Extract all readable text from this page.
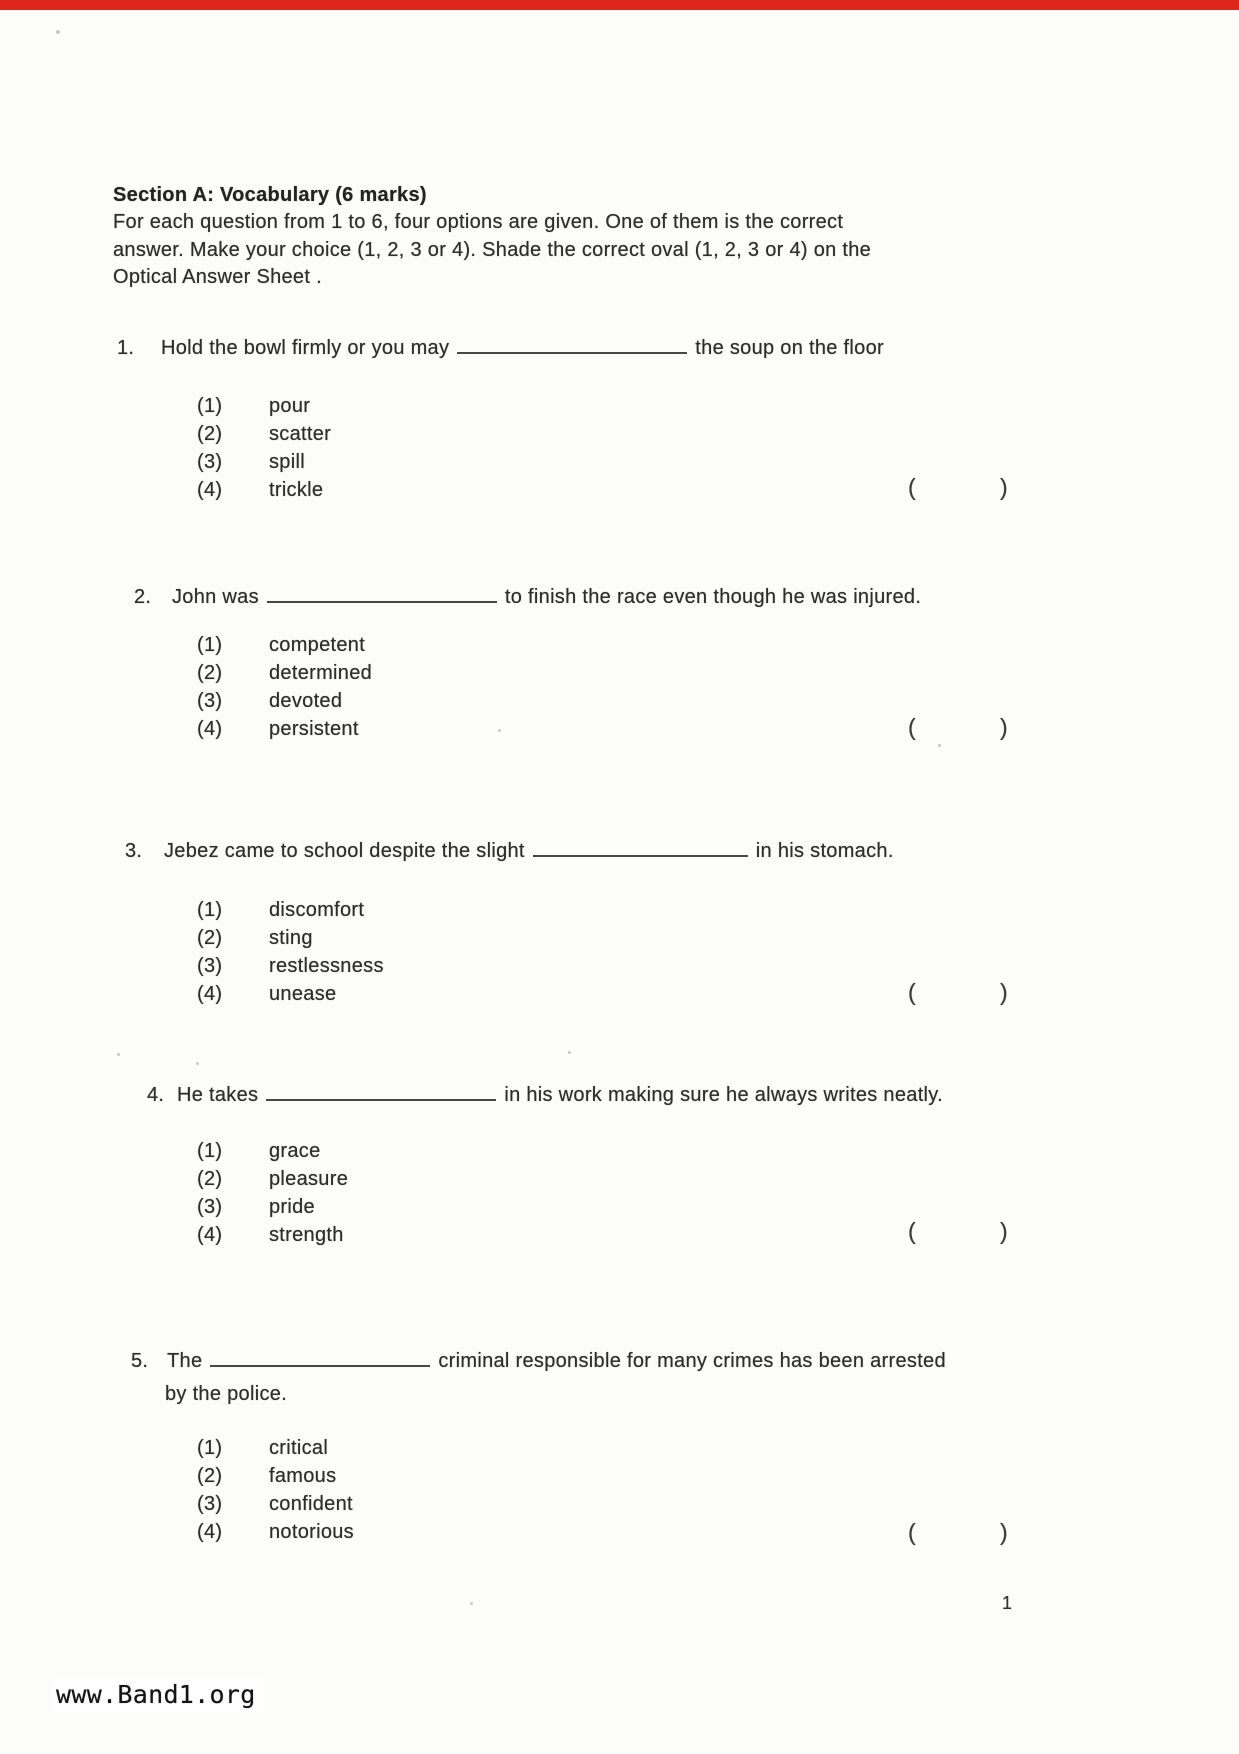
Section A: Vocabulary (6 marks)
For each question from 1 to 6, four options are given. One of them is the correct
answer. Make your choice (1, 2, 3 or 4). Shade the correct oval (1, 2, 3 or 4) on the
Optical Answer Sheet .
1. Hold the bowl firmly or you may	the soup on the floor
(1) pour
(2) scatter
(3) spill
(4) trickle	(	)
2. John was	to finish the race even though he was injured.
(1) competent
(2) determined
(3) devoted
(4) persistent	(	)
3. Jebez came to school despite the slight	in his stomach.
(1) discomfort
(2) sting
(3) restlessness
(4) unease	(	)
4. He takes	in his work making sure he always writes neatly.
(1) grace
(2) pleasure
(3) pride
(4) strength	(	)
5. The	criminal responsible for many crimes has been arrested
by the police.
(1) critical
(2) famous
(3) confident
(4) notorious	(	)
1
www.Band1.org
